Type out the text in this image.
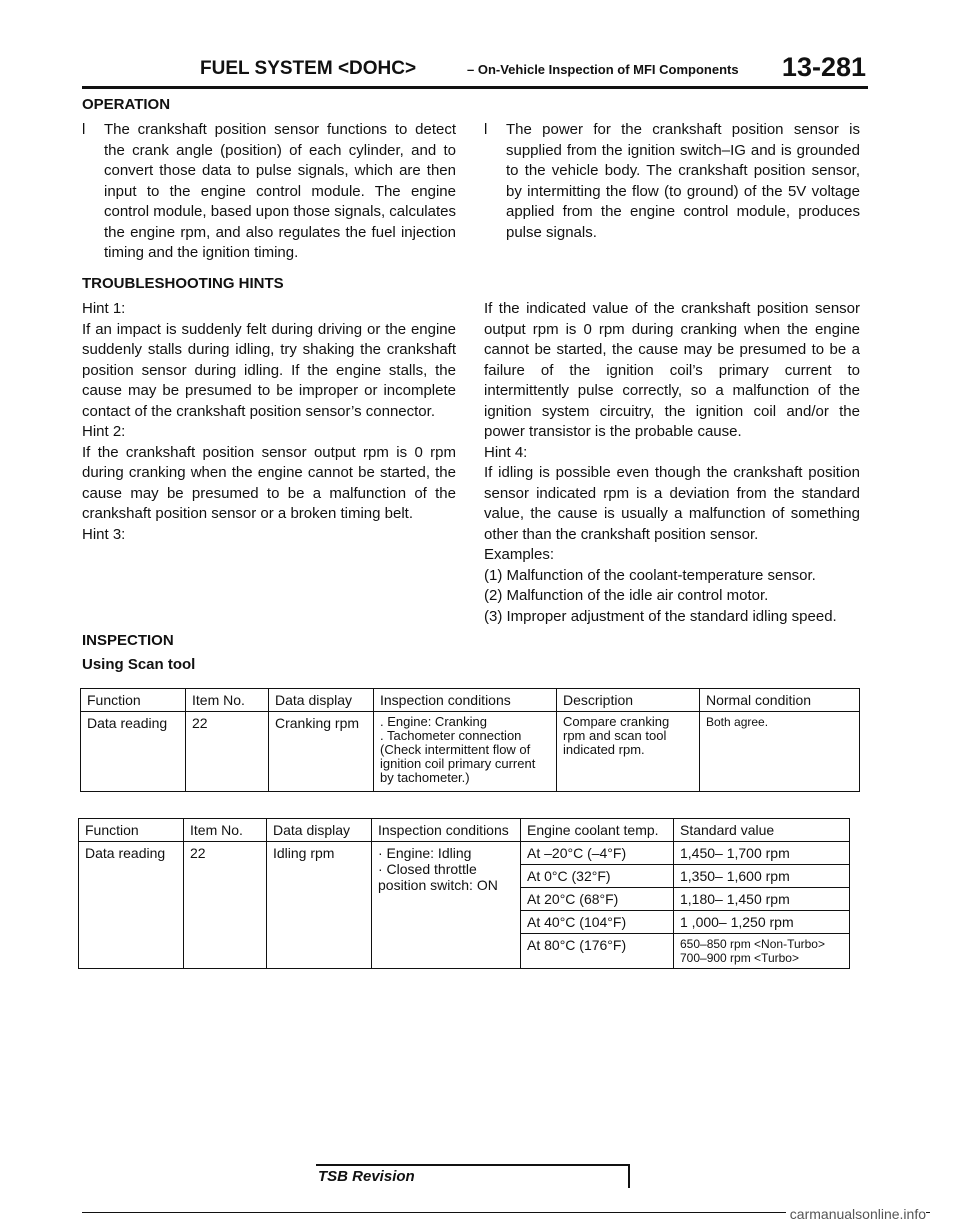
FUEL SYSTEM <DOHC>	– On-Vehicle Inspection of MFI Components 13-281
OPERATION

l The crankshaft position sensor functions to detect the crank angle (position) of each cylinder, and to convert those data to pulse signals, which are then input to the engine control module. The engine control module, based upon those signals, calculates the engine rpm, and also regulates the fuel injection timing and the ignition timing.

l The power for the crankshaft position sensor is supplied from the ignition switch–IG and is grounded to the vehicle body. The crankshaft position sensor, by intermitting the flow (to ground) of the 5V voltage applied from the engine control module, produces pulse signals.

TROUBLESHOOTING HINTS

Hint 1:

If an impact is suddenly felt during driving or the engine suddenly stalls during idling, try shaking the crankshaft position sensor during idling. If the engine stalls, the cause may be presumed to be improper or incomplete contact of the crankshaft position sensor’s connector.

Hint 2:

If the crankshaft position sensor output rpm is 0 rpm during cranking when the engine cannot be started, the cause may be presumed to be a malfunction of the crankshaft position sensor or a broken timing belt.

Hint 3:

If the indicated value of the crankshaft position sensor output rpm is 0 rpm during cranking when the engine cannot be started, the cause may be presumed to be a failure of the ignition coil’s primary current to intermittently pulse correctly, so a malfunction of the ignition system circuitry, the ignition coil and/or the power transistor is the probable cause.

Hint 4:

If idling is possible even though the crankshaft position sensor indicated rpm is a deviation from the standard value, the cause is usually a malfunction of something other than the crankshaft position sensor.

Examples:

(1) Malfunction of the coolant-temperature sensor.

(2) Malfunction of the idle air control motor.

(3) Improper adjustment of the standard idling speed.

INSPECTION
Using Scan tool
Function	Item No.	Data display	Inspection conditions	Description	Normal condition
Data reading	22	Cranking rpm	. Engine: Cranking
. Tachometer connection
(Check intermittent flow of ignition coil primary current by tachometer.)	Compare cranking rpm and scan tool indicated rpm.	Both agree.
Function	Item No.	Data display	Inspection conditions	Engine coolant temp.	Standard value
Data reading	22	Idling rpm	· Engine: Idling
· Closed throttle position switch: ON	At –20°C (–4°F)	1,450– 1,700 rpm
				At 0°C (32°F)	1,350– 1,600 rpm
				At 20°C (68°F)	1,180– 1,450 rpm
				At 40°C (104°F)	1 ,000– 1,250 rpm
				At 80°C (176°F)	650–850 rpm <Non-Turbo>
700–900 rpm <Turbo>
TSB Revision
carmanualsonline.info
